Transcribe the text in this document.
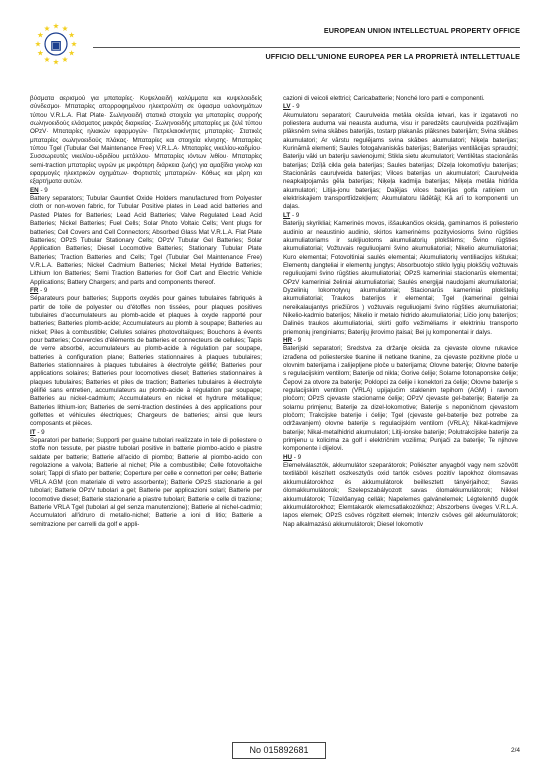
★ ★
★
★
★
★
★
★
★
★
★
★
▣
EUROPEAN UNION INTELLECTUAL PROPERTY OFFICE
UFFICIO DELL'UNIONE EUROPEA PER LA PROPRIETÀ INTELLETTUALE

βύσματα αερισμού για μπαταρίες· Κυψελοειδή καλύμματα και κυψελοειδείς σύνδεσμοι· Μπαταρίες απορροφημένου ηλεκτρολύτη σε ύφασμα υαλονημάτων τύπου V.R.L.A. Flat Plate· Σωληνοειδή στατικά στοιχεία για μπαταρίες συρροής σωληνοειδούς ελάσματος μακράς διαρκείας· Σωληνοειδής μπαταρίες με ζελέ τύπου OPzV· Μπαταρίες ηλιακών εφαρμογών· Πετρελαιοκίνητες μπαταρίες· Στατικές μπαταρίες σωληνοειδούς πλάκας· Μπαταρίες και στοιχεία κίνησης· Μπαταρίες τύπου Tgel (Tubular Gel Maintenance Free) V.R.L.A· Μπαταρίες νικελίου-καδμίου· Συσσωρευτές νικελίου-υδριδίου μετάλλου· Μπαταρίες ιόντων λιθίου· Μπαταρίες semi-traction μπαταρίες υγρών με μικρότερη διάρκεια ζωής) για αμαξίδια γκολφ και εφαρμογές ηλεκτρικών οχημάτων· Φορτιστές μπαταριών· Κόθως και μέρη και εξαρτήματα αυτών.

EN - 9

Battery separators; Tubular Gauntlet Oxide Holders manufactured from Polyester cloth or non-woven fabric, for Tubular Positive plates in Lead acid batteries and Pasted Plates for Batteries; Lead Acid Batteries; Valve Regulated Lead Acid Batteries; Nickel Batteries; Fuel Cells; Solar Photo Voltaic Cells; Vent plugs for batteries; Cell Covers and Cell Connectors; Absorbed Glass Mat V.R.L.A. Flat Plate Batteries; OPzS Tubular Stationary Cells; OPzV Tubular Gel Batteries; Solar Application Batteries; Diesel Locomotive Batteries; Stationary Tubular Plate Batteries; Traction Batteries and Cells; Tgel (Tubular Gel Maintenance Free) V.R.L.A. Batteries; Nickel Cadmium Batteries; Nickel Metal Hydride Batteries; Lithium Ion Batteries; Semi Traction Batteries for Golf Cart and Electric Vehicle Applications; Battery Chargers; and parts and components thereof.

FR - 9

Séparateurs pour batteries; Supports oxydés pour gaines tubulaires fabriqués à partir de toile de polyester ou d'étoffes non tissées, pour plaques positives tubulaires d'accumulateurs au plomb-acide et plaques à oxyde rapporté pour batteries; Batteries plomb-acide; Accumulateurs au plomb à soupape; Batteries au nickel; Piles à combustible; Cellules solaires photovoltaïques; Bouchons à évents pour batteries; Couvercles d'éléments de batteries et connecteurs de cellules; Tapis de verre absorbé, accumulateurs au plomb-acide à régulation par soupape, batteries à configuration plane; Batteries stationnaires à plaques tubulaires; Batteries stationnaires à plaques tubulaires à électrolyte gélifié; Batteries pour applications solaires; Batteries pour locomotives diesel; Batteries stationnaires à plaques tubulaires; Batteries et piles de traction; Batteries tubulaires à électrolyte gélifié sans entretien, accumulateurs au plomb-acide à régulation par soupape; Batteries au nickel-cadmium; Accumulateurs en nickel et hydrure métallique; Batteries lithium-ion; Batteries de semi-traction destinées à des applications pour golfettes et véhicules électriques; Chargeurs de batteries; ainsi que leurs composants et pièces.

IT - 9

Separatori per batterie; Supporti per guaine tubolari realizzate in tele di poliestere o stoffe non tessute, per piastre tubolari positive in batterie piombo-acido e piastre saldate per batterie; Batterie all'acido di piombo; Batterie al piombo-acido con regolazione a valvola; Batterie al nichel; Pile a combustibile; Celle fotovoltaiche solari; Tappi di sfiato per batterie; Coperture per celle e connettori per celle; Batterie VRLA AGM (con materiale di vetro assorbente); Batterie OPzS stazionarie a gel tubolari; Batterie OPzV tubolari a gel; Batterie per applicazioni solari; Batterie per locomotive diesel; Batterie stazionarie a piastre tubolari; Batterie e celle di trazione; Batterie VRLA Tgel (tubolari al gel senza manutenzione); Batterie al nichel-cadmio; Accumulatori all'idruro di metallo-nichel; Batterie a ioni di litio; Batterie a semitrazione per carrelli da golf e appli-

cazioni di veicoli elettrici; Caricabatterie; Nonché loro parti e componenti.

LV - 9

Akumulatoru separatori; Caurulveida metāla oksīda ietvari, kas ir izgatavoti no poliestera auduma vai neausta auduma, visu ir paredzēts cauruļveida pozitīvajām plāksnēm svina skābes baterijās, tostarp plakanās plāksnes baterijām; Svina skābes akumulatori; Ar vārstu regulējams svina skābes akumulatori; Niķeļa baterijas; Kurināmā elementi; Saules fotogalvaniskās baterijas; Baterijas ventilācijas spraudņi; Bateriju vāki un bateriju savienojumi; Stikla sietu akumulatori; Ventilētas stacionārās baterijas; Dzīļā cikla gela baterijas; Saules baterijas; Dīzeļa lokomotīvju baterijas; Stacionārās cauruļveida baterijas; Vilces baterijas un akumulatori; Cauruļveida neapkalpojamās gēla baterijas; Niķeļa kadmija baterijas; Niķeļa metāla hidrīda akumulatori; Litija-jonu baterijas; Daļējas vilces baterijas golfa ratiņiem un elektriskajiem transportlīdzekļiem; Akumulatoru lādētāji; Kā arī to komponenti un daļas.

LT - 9

Baterijų skyrikliai; Kamerinės movos, iššaukančios oksidą, gaminamos iš poliesterio audinio ar neaustinio audinio, skirtos kamerinėms pozityviosioms švino rūgšties akumuliatoriams ir sukljiuotoms akumuliatorių plokštėms; Švino rūgšties akumuliatoriai; Vožtuvais reguliuojami švino akumuliatoriai; Nikelio akumuliatoriai; Kuro elementai; Fotovoltiniai saulės elementai; Akumuliatorių ventiliacijos kištukai; Elementų dangteliai ir elementų jungtys; Absorbuotojo stiklo lygių plokščių vožtuvais reguliuojami švino rūgšties akumuliatoriai; OPzS kameriniai stacionarūs elementai; OPzV kameriniai želiniai akumuliatoriai; Saulės energijai naudojami akumuliatoriai; Dyzelinių lokomotyvų akumuliatoriai; Stacionarūs kameriniai plokštelių akumuliatoriai; Traukos baterijos ir elementai; Tgel (kamerinai gelniai nereikalaujantys priežiūros ) vožtuvais reguliuojami švino rūgšties akumuliatoriai; Nikelio-kadmio baterijos; Nikelio ir metalo hidrido akumuliatoriai; Ličio jonų baterijos; Dalinės traukos akumuliatoriai, skirti golfo vežimėliams ir elektriniu transporto priemonių įrenginiams; Baterijų įkrovimo įtaisai; Bei jų komponentai ir dalys.

HR - 9

Baterijski separatori; Sredstva za držanje oksida za cjevaste olovne rukavice izrađena od poliesterske tkanine ili netkane tkanine, za cjevaste pozitivne ploče u olovnim baterijama i zalijepljene ploče u baterijama; Olovne baterije; Olovne baterije s regulacijskim ventilom; Baterije od nikla; Gorive ćelije; Solarne fotonaponske ćelije; Čepovi za otvore za baterije; Poklopci za ćelije i konektori za ćelije; Olovne baterije s regulacijskim ventilom (VRLA) upijajućim staklenim tepihom (AGM) i ravnom pločom; OPzS cjevaste stacionarne ćelije; OPzV cjevaste gel-baterije; Baterije za solarnu primjenu; Baterije za dizel-lokomotive; Baterije s neponičnom cjevastom pločom; Trakcijske baterije i ćelije; Tgel (cjevaste gel-baterije bez potrebe za održavanjem) olovne baterije s regulacijskim ventilom (VRLA); Nikal-kadmijeve baterije; Nikal-metalhidrid akumulatori; Litij-ionske baterije; Polutrakcijske baterije za primjenu u kolicima za golf i električnim vozilima; Punjači za baterije; Te njihove komponente i dijelovi.

HU - 9

Elemelválasztók, akkumulátor szeparátorok; Poliészter anyagból vagy nem szövött textilából készített oszkesztyűs oxid tartók csöves pozitív lapokhoz ólomsavas akkumulátorokhoz és akkumulátorok beillesztett tányérjaihoz; Savas ólomakkumulátorok; Szelepszabályozott savas ólomakkumulátorok; Nikkel akkumulátorok; Tüzelőanyag cellák; Napelemes galvánelemek; Légtelenítő dugók akkumulátorokhoz; Elemtakarók elemcsatlakozókhoz; Abszorbens üveges V.R.L.A. lapos elemek; OPzS csöves rögzített elemek; Intenzív csöves gél akkumulátorok; Nap alkalmazású akkumulátorok; Diesel lokomotív

No 015892681	2/4
